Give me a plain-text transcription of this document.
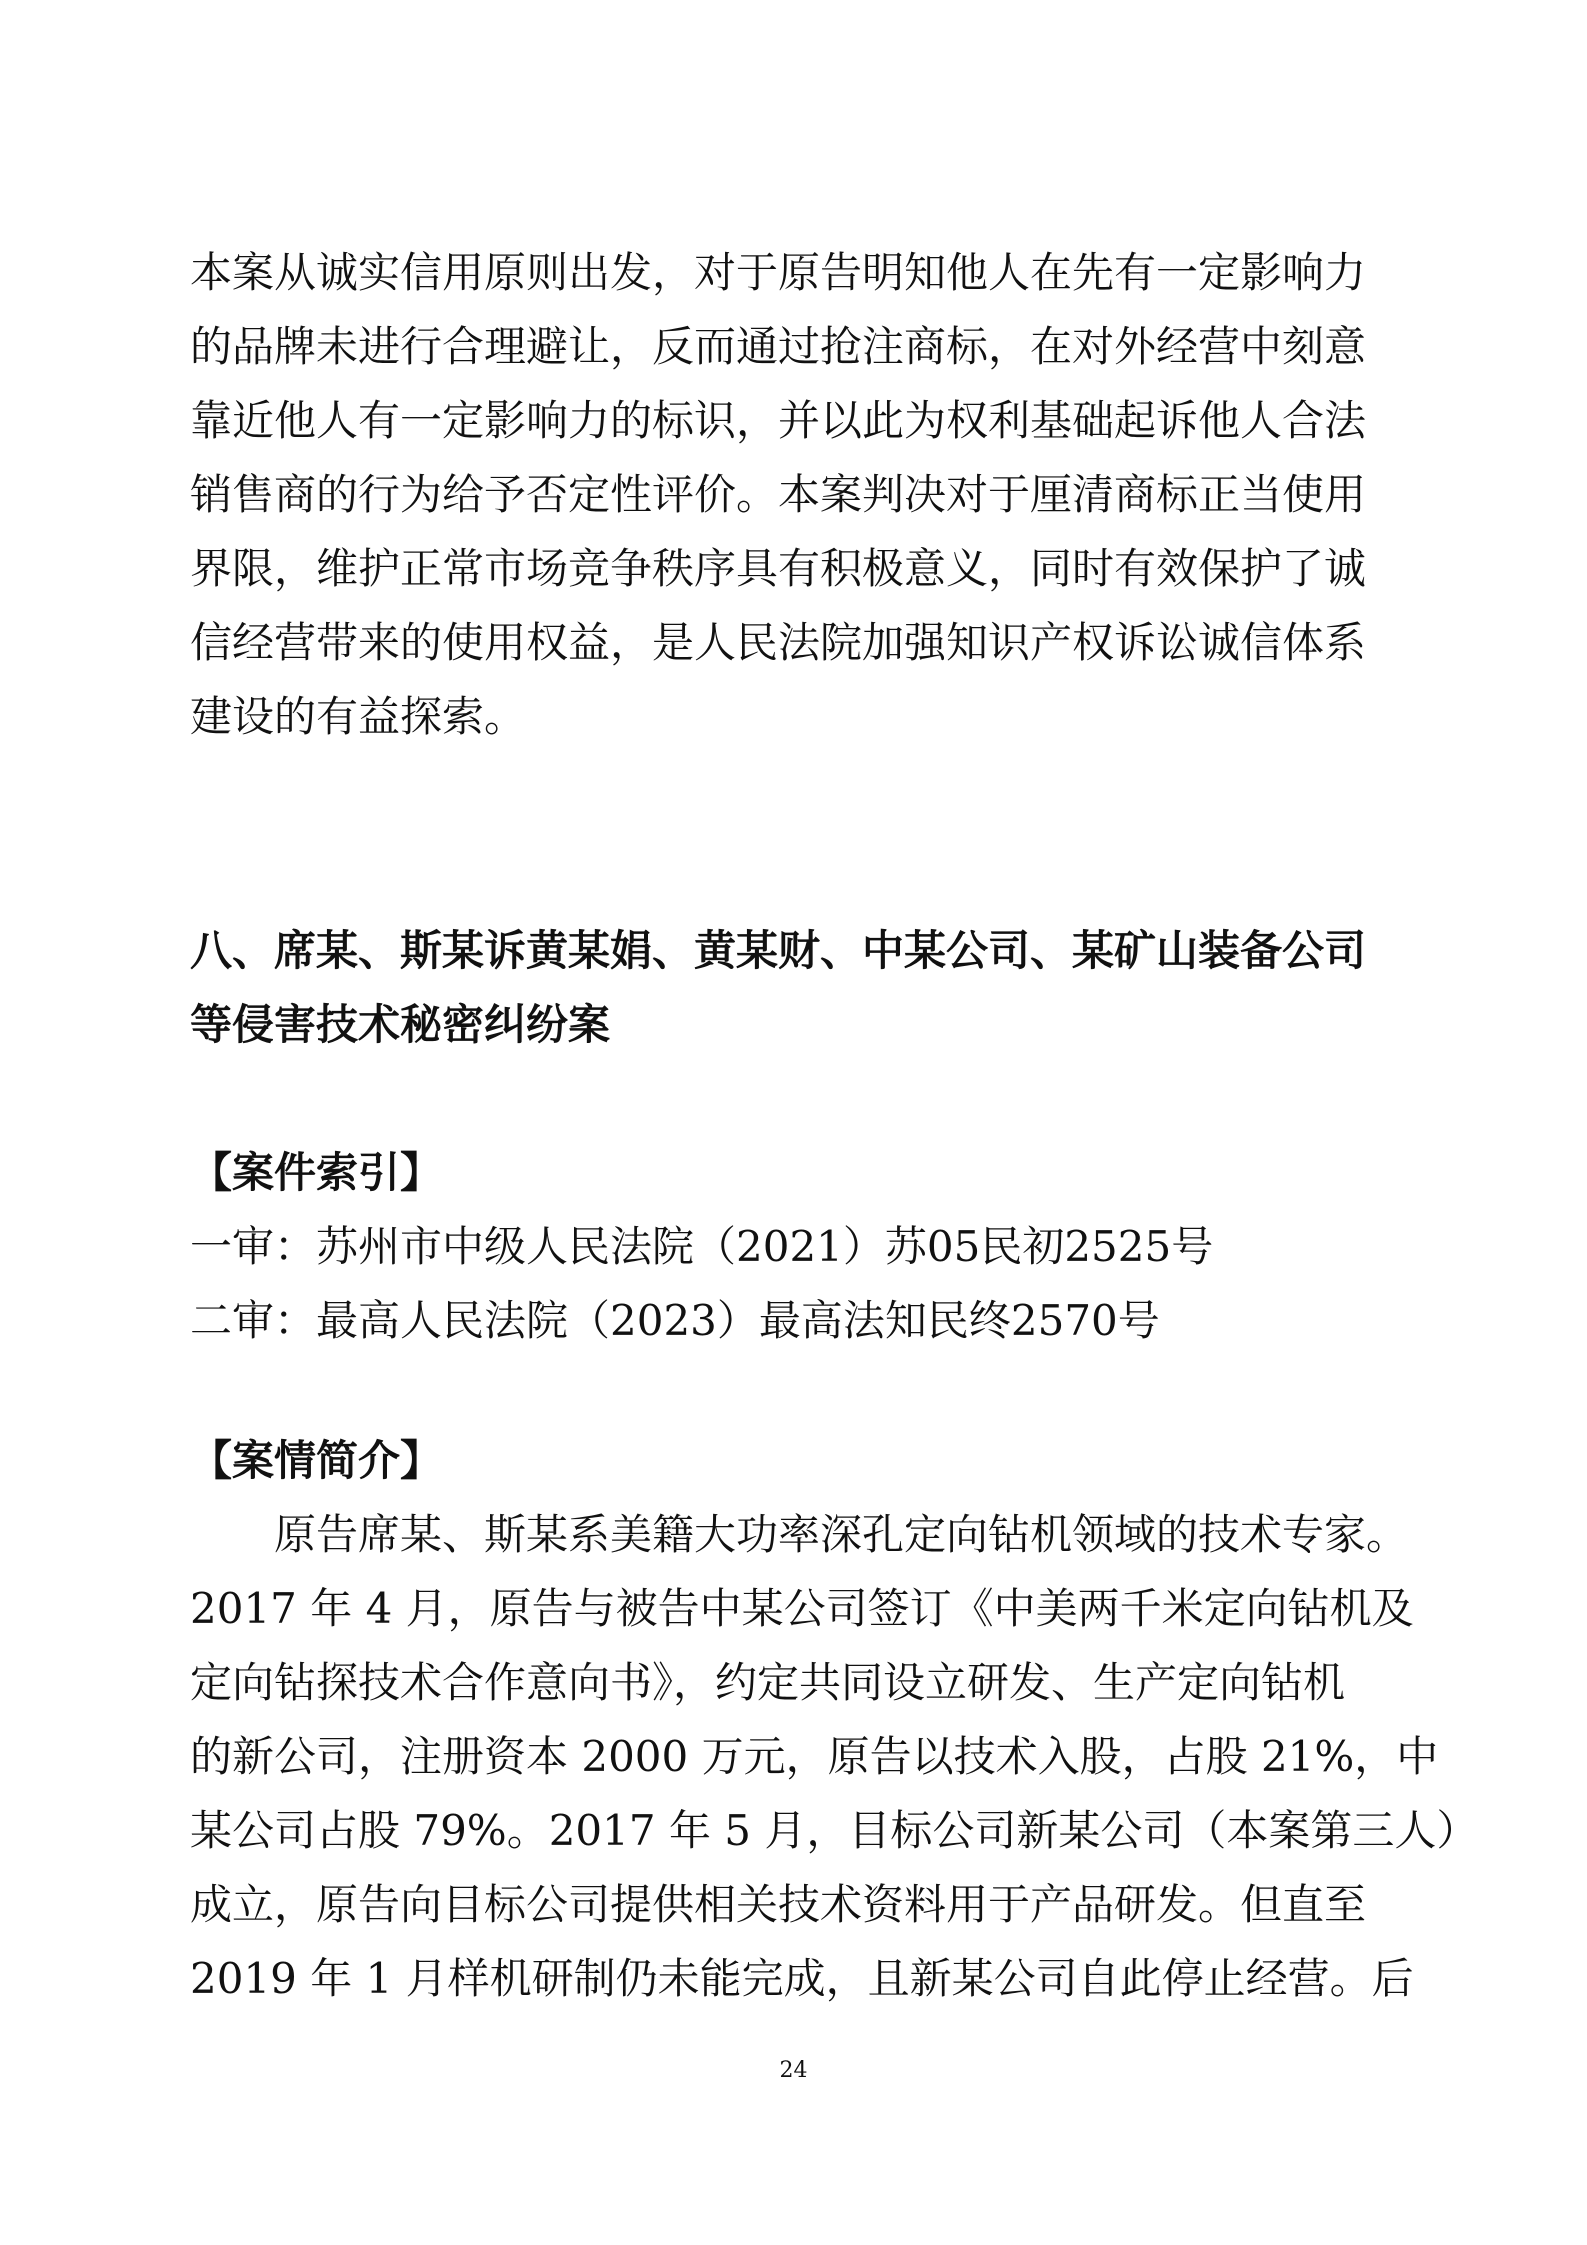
本案从诚实信用原则出发，对于原告明知他人在先有一定影响力
的品牌未进行合理避让，反而通过抢注商标，在对外经营中刻意
靠近他人有一定影响力的标识，并以此为权利基础起诉他人合法
销售商的行为给予否定性评价。本案判决对于厘清商标正当使用
界限，维护正常市场竞争秩序具有积极意义，同时有效保护了诚
信经营带来的使用权益，是人民法院加强知识产权诉讼诚信体系
建设的有益探索。
八、席某、斯某诉黄某娟、黄某财、中某公司、某矿山装备公司
等侵害技术秘密纠纷案
【案件索引】
一审：苏州市中级人民法院（2021）苏05民初2525号
二审：最高人民法院（2023）最高法知民终2570号
【案情简介】
原告席某、斯某系美籍大功率深孔定向钻机领域的技术专家。
2017 年 4 月，原告与被告中某公司签订《中美两千米定向钻机及
定向钻探技术合作意向书》，约定共同设立研发、生产定向钻机
的新公司，注册资本 2000 万元，原告以技术入股，占股 21%，中
某公司占股 79%。2017 年 5 月，目标公司新某公司（本案第三人）
成立，原告向目标公司提供相关技术资料用于产品研发。但直至
2019 年 1 月样机研制仍未能完成，且新某公司自此停止经营。后
24
